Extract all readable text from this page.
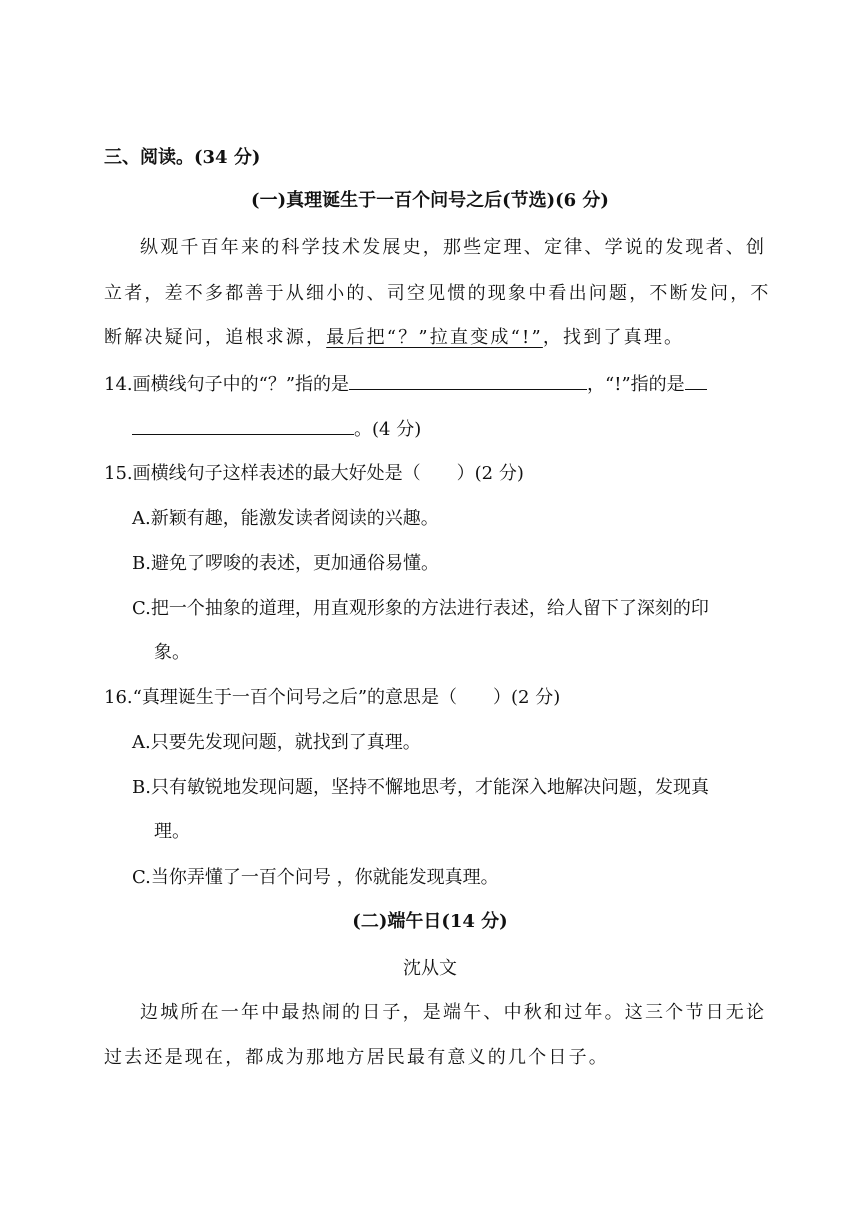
三、阅读。(34 分)
(一)真理诞生于一百个问号之后(节选)(6 分)
纵观千百年来的科学技术发展史，那些定理、定律、学说的发现者、创
立者，差不多都善于从细小的、司空见惯的现象中看出问题，不断发问，不
断解决疑问，追根求源，最后把“？”拉直变成“!”，找到了真理。
14.画横线句子中的“？”指的是	，“!”指的是
。(4 分)
15.画横线句子这样表述的最大好处是（　　）(2 分)
A.新颖有趣，能激发读者阅读的兴趣。
B.避免了啰唆的表述，更加通俗易懂。
C.把一个抽象的道理，用直观形象的方法进行表述，给人留下了深刻的印
象。
16.“真理诞生于一百个问号之后”的意思是（　　）(2 分)
A.只要先发现问题，就找到了真理。
B.只有敏锐地发现问题，坚持不懈地思考，才能深入地解决问题，发现真
理。
C.当你弄懂了一百个问号 ，你就能发现真理。
(二)端午日(14 分)
沈从文
边城所在一年中最热闹的日子，是端午、中秋和过年。这三个节日无论
过去还是现在，都成为那地方居民最有意义的几个日子。
